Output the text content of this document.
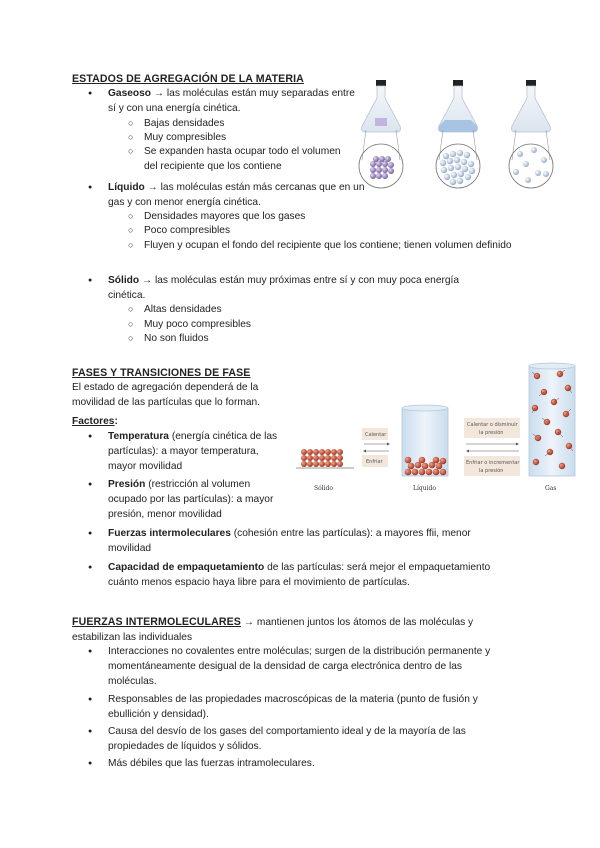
ESTADOS DE AGREGACIÓN DE LA MATERIA
● Gaseoso → las moléculas están muy separadas entre sí y con una energía cinética.
○ Bajas densidades
○ Muy compresibles
○ Se expanden hasta ocupar todo el volumen del recipiente que los contiene
● Líquido → las moléculas están más cercanas que en un gas y con menor energía cinética.
○ Densidades mayores que los gases
○ Poco compresibles
○ Fluyen y ocupan el fondo del recipiente que los contiene; tienen volumen definido
● Sólido → las moléculas están muy próximas entre sí y con muy poca energía cinética.
○ Altas densidades
○ Muy poco compresibles
○ No son fluidos
FASES Y TRANSICIONES DE FASE
El estado de agregación dependerá de la movilidad de las partículas que lo forman.
Factores:
● Temperatura (energía cinética de las partículas): a mayor temperatura, mayor movilidad
● Presión (restricción al volumen ocupado por las partículas): a mayor presión, menor movilidad
● Fuerzas intermoleculares (cohesión entre las partículas): a mayores ffii, menor movilidad
● Capacidad de empaquetamiento de las partículas: será mejor el empaquetamiento cuánto menos espacio haya libre para el movimiento de partículas.
Sólido
Calentar
Enfriar
Líquido
Calentar o disminuir
la presión
Enfriar o incrementar
la presión
Gas
FUERZAS INTERMOLECULARES → mantienen juntos los átomos de las moléculas y estabilizan las individuales
● Interacciones no covalentes entre moléculas; surgen de la distribución permanente y momentáneamente desigual de la densidad de carga electrónica dentro de las moléculas.
● Responsables de las propiedades macroscópicas de la materia (punto de fusión y ebullición y densidad).
● Causa del desvío de los gases del comportamiento ideal y de la mayoría de las propiedades de líquidos y sólidos.
● Más débiles que las fuerzas intramoleculares.
